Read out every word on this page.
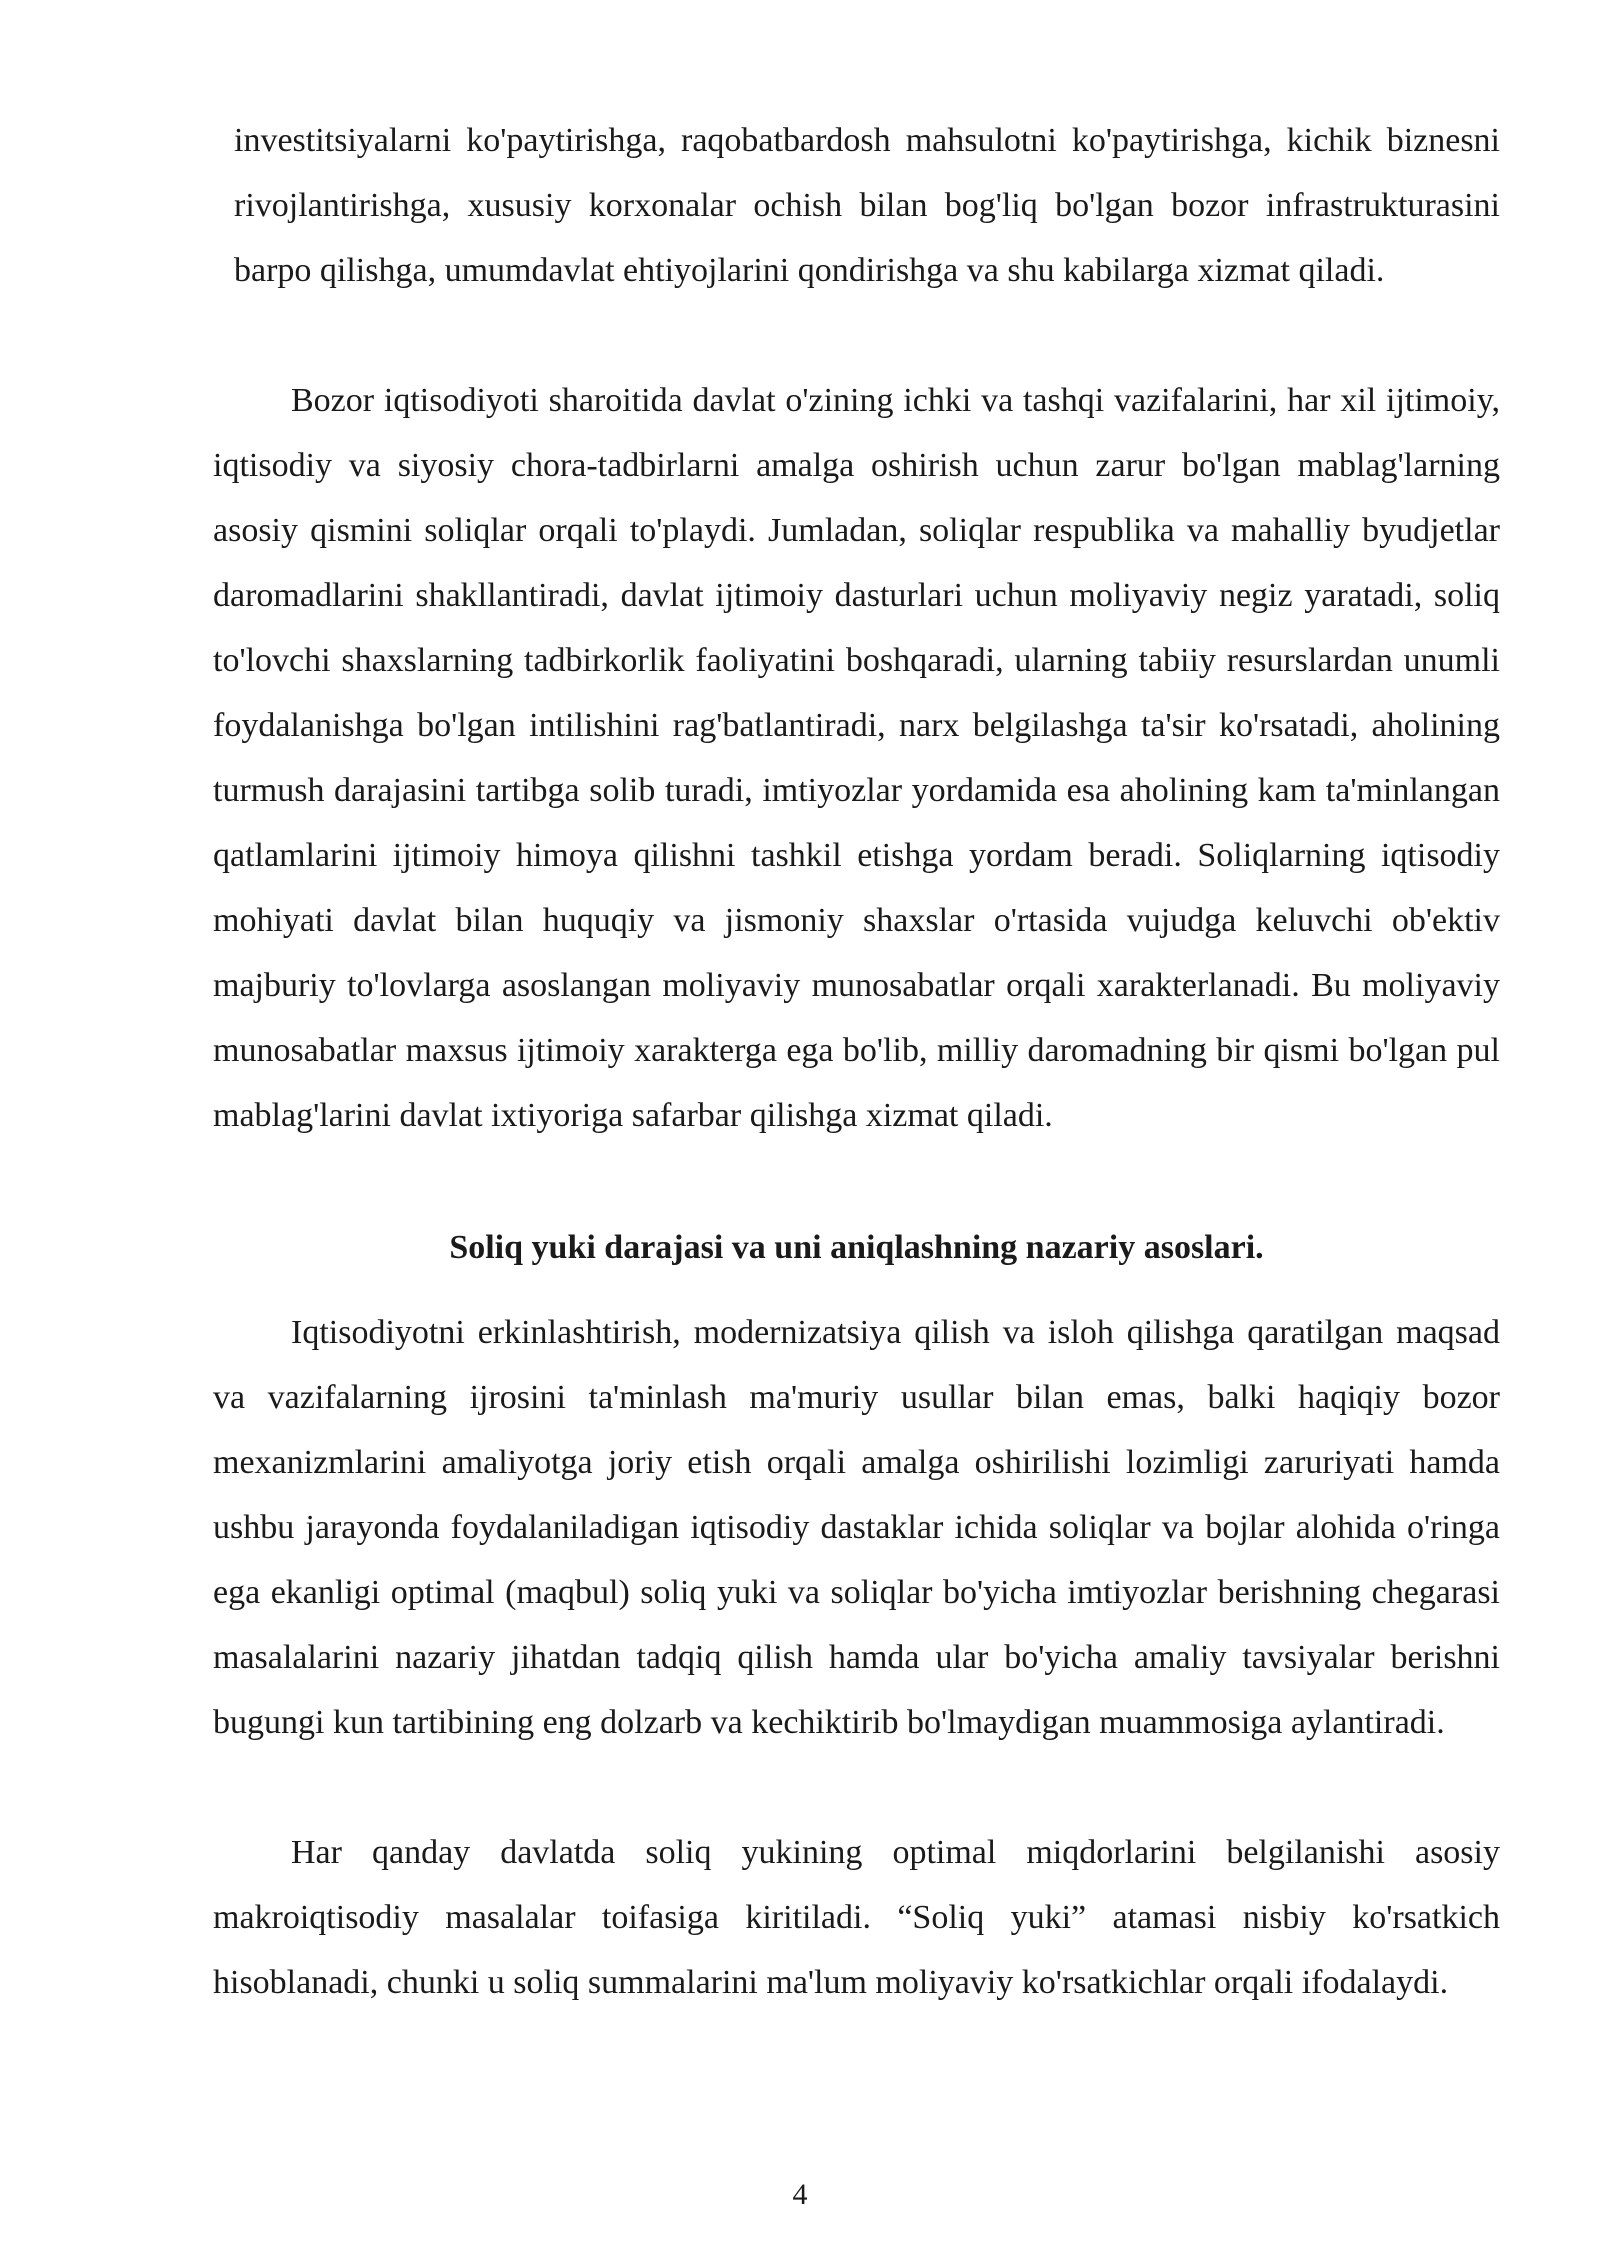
investitsiyalarni ko'paytirishga, raqobatbardosh mahsulotni ko'paytirishga, kichik biznesni rivojlantirishga, xususiy korxonalar ochish bilan bog'liq bo'lgan bozor infrastrukturasini barpo qilishga, umumdavlat ehtiyojlarini qondirishga va shu kabilarga xizmat qiladi.

Bozor iqtisodiyoti sharoitida davlat o'zining ichki va tashqi vazifalarini, har xil ijtimoiy, iqtisodiy va siyosiy chora-tadbirlarni amalga oshirish uchun zarur bo'lgan mablag'larning asosiy qismini soliqlar orqali to'playdi. Jumladan, soliqlar respublika va mahalliy byudjetlar daromadlarini shakllantiradi, davlat ijtimoiy dasturlari uchun moliyaviy negiz yaratadi, soliq to'lovchi shaxslarning tadbirkorlik faoliyatini boshqaradi, ularning tabiiy resurslardan unumli foydalanishga bo'lgan intilishini rag'batlantiradi, narx belgilashga ta'sir ko'rsatadi, aholining turmush darajasini tartibga solib turadi, imtiyozlar yordamida esa aholining kam ta'minlangan qatlamlarini ijtimoiy himoya qilishni tashkil etishga yordam beradi. Soliqlarning iqtisodiy mohiyati davlat bilan huquqiy va jismoniy shaxslar o'rtasida vujudga keluvchi ob'ektiv majburiy to'lovlarga asoslangan moliyaviy munosabatlar orqali xarakterlanadi. Bu moliyaviy munosabatlar maxsus ijtimoiy xarakterga ega bo'lib, milliy daromadning bir qismi bo'lgan pul mablag'larini davlat ixtiyoriga safarbar qilishga xizmat qiladi.

Soliq yuki darajasi va uni aniqlashning nazariy asoslari.

Iqtisodiyotni erkinlashtirish, modernizatsiya qilish va isloh qilishga qaratilgan maqsad va vazifalarning ijrosini ta'minlash ma'muriy usullar bilan emas, balki haqiqiy bozor mexanizmlarini amaliyotga joriy etish orqali amalga oshirilishi lozimligi zaruriyati hamda ushbu jarayonda foydalaniladigan iqtisodiy dastaklar ichida soliqlar va bojlar alohida o'ringa ega ekanligi optimal (maqbul) soliq yuki va soliqlar bo'yicha imtiyozlar berishning chegarasi masalalarini nazariy jihatdan tadqiq qilish hamda ular bo'yicha amaliy tavsiyalar berishni bugungi kun tartibining eng dolzarb va kechiktirib bo'lmaydigan muammosiga aylantiradi.

Har qanday davlatda soliq yukining optimal miqdorlarini belgilanishi asosiy makroiqtisodiy masalalar toifasiga kiritiladi. “Soliq yuki” atamasi nisbiy ko'rsatkich hisoblanadi, chunki u soliq summalarini ma'lum moliyaviy ko'rsatkichlar orqali ifodalaydi.

4
